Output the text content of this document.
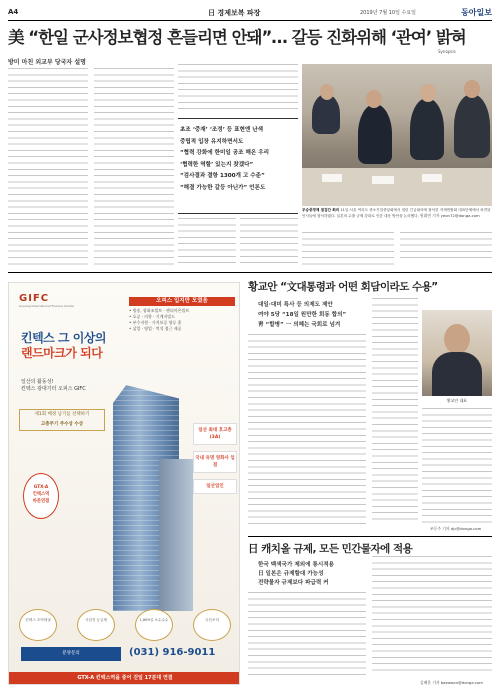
A4	日 경제보복 파장	2019년 7월 10일 수요일	동아일보
美 “한일 군사정보협정 흔들리면 안돼”… 갈등 진화위해 ‘관여’ 밝혀
Synopsis
방미 마친 외교부 당국자 설명
초조 ‘중재’ ‘조정’ 등 표현엔 난색
중립적 입장 유지하면서도
“협력 강화에 한미일 공조 해온 우리
‘협력한 역할’ 있는지 찾겠다”
“검사결과 결항 1300개 고 수준”
“해결 가능한 갈등 아닌가” 언론도
무승중경제 점검간 회의 11일 서울 여의도 중소기업중앙회에서 열린 긴급회의에 참석한 자재연합회 대표단체에서 파견된 인사들에 참석하였다. 일본의 수출 규제 강화로 인한 대응 방안을 논의했다. 원대연 기자 yeon72@donga.com
GIFC
Goyang International Finance Center
오피스 입지만 모였음
• 방송, 광화조빌트 · 랜더마온빌트
• 호공 · 의향 · 기계지빌드
• 부수지원 · 가격보증 양루 홈
• 삼업 · 영업 · 먹석 접근 제공
킨텍스 그 이상의
랜드마크가 되다
일산의 활동성!
킨텍스 광대기터 오피스 GIFC
제1회 배정 남기를 선택하기
고층주기 주수상 수상
GTX-A
킨텍스역
바른연결
일산 최대 호고층 (3A)
국내 유명 영화사 입점
일산업인
킨텍스 초역세권	사업전 등급제	1,869실 소수수수	국산조리
분양문의	(031) 916-9011
GTX-A 킨텍스역을 중어 걷일 17분대 연결
황교안 “文대통령과 어떤 회담이라도 수용”
대일·대미 특사 등 의제도 제안
여야 5당 “18일 원만한 회동 합의”
靑 “합병” 一 의혜는 국회로 넘겨
황교안 대표
조동주 기자 djc@donga.com
日 캐치올 규제, 모든 민간물자에 적용
한국 백색국가 제외에 통시적용
日 일본은 규제할대 가능성
전략물자 규제보다 파급력 커
김배운 기자 baewoon@donga.com
